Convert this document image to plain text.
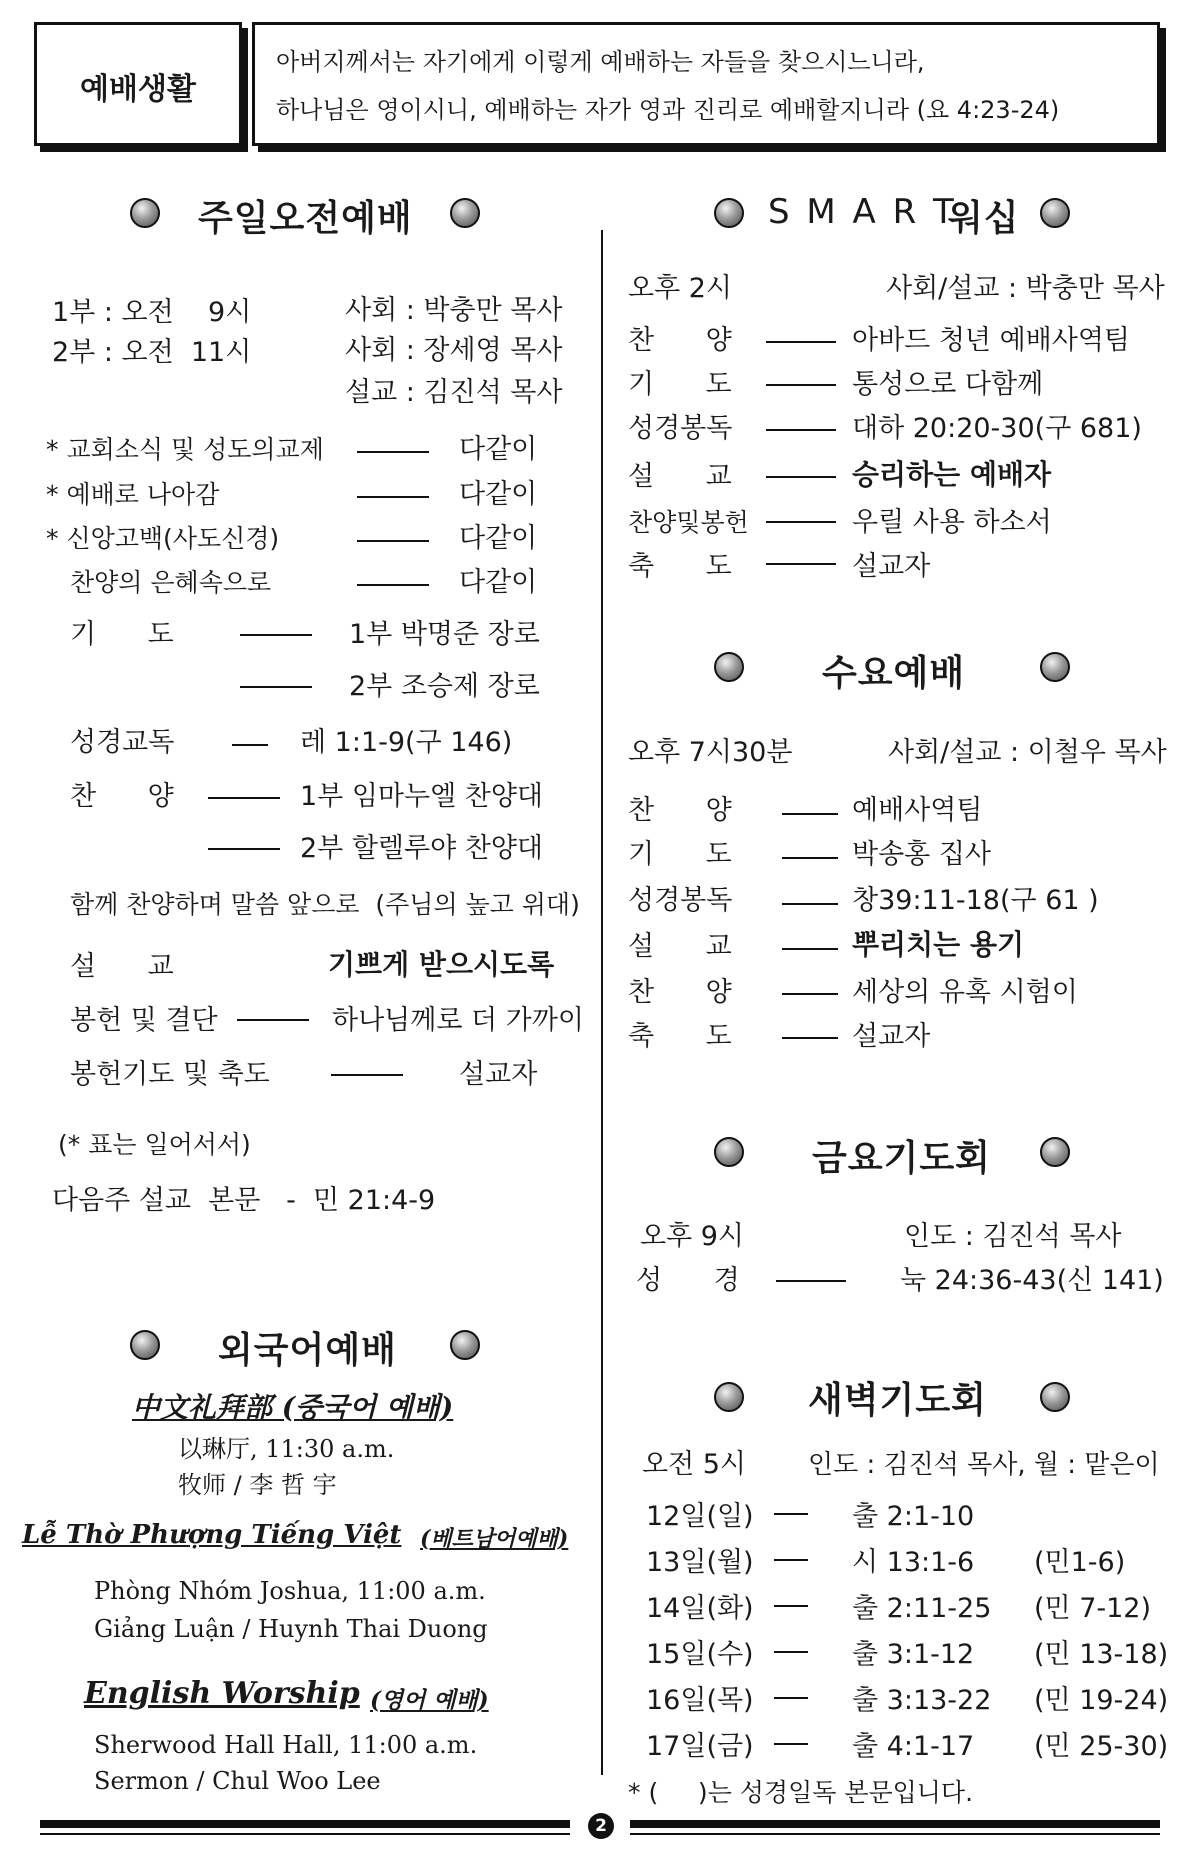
예배생활
아버지께서는 자기에게 이렇게 예배하는 자들을 찾으시느니라,
하나님은 영이시니, 예배하는 자가 영과 진리로 예배할지니라 (요 4:23-24)
주일오전예배
1부 : 오전    9시	사회 : 박충만 목사
2부 : 오전  11시	사회 : 장세영 목사
설교 : 김진석 목사
* 교회소식 및 성도의교제	다같이
* 예배로 나아감	다같이
* 신앙고백(사도신경)	다같이
찬양의 은혜속으로	다같이
기      도	1부 박명준 장로
2부 조승제 장로
성경교독	레 1:1-9(구 146)
찬      양	1부 임마누엘 찬양대
2부 할렐루야 찬양대
함께 찬양하며 말씀 앞으로  (주님의 높고 위대)
설      교	기쁘게 받으시도록
봉헌 및 결단	하나님께로 더 가까이
봉헌기도 및 축도	설교자
(* 표는 일어서서)
다음주 설교  본문   -  민 21:4-9
외국어예배
中文礼拜部 (중국어 예배)
以琳厅, 11:30 a.m.
牧师 / 李 哲 宇
Lễ Thờ Phượng Tiếng Việt (베트남어예배)
Phòng Nhóm Joshua, 11:00 a.m.
Giảng Luận / Huynh Thai Duong
English Worship (영어 예배)
Sherwood Hall Hall, 11:00 a.m.
Sermon / Chul Woo Lee
S M A R T
워십
오후 2시	사회/설교 : 박충만 목사
찬      양	아바드 청년 예배사역팀
기      도	통성으로 다함께
성경봉독	대하 20:20-30(구 681)
설      교	승리하는 예배자
찬양및봉헌	우릴 사용 하소서
축      도	설교자
수요예배
오후 7시30분	사회/설교 : 이철우 목사
찬      양	예배사역팀
기      도	박송홍 집사
성경봉독	창39:11-18(구 61 )
설      교	뿌리치는 용기
찬      양	세상의 유혹 시험이
축      도	설교자
금요기도회
오후 9시	인도 : 김진석 목사
성      경	눅 24:36-43(신 141)
새벽기도회
오전 5시 인도 : 김진석 목사, 월 : 맡은이
12일(일)	출 2:1-10
13일(월)	시 13:1-6 (민1-6)
14일(화)	출 2:11-25 (민 7-12)
15일(수)	출 3:1-12 (민 13-18)
16일(목)	출 3:13-22 (민 19-24)
17일(금)	출 4:1-17 (민 25-30)
* (     )는 성경일독 본문입니다.
2
